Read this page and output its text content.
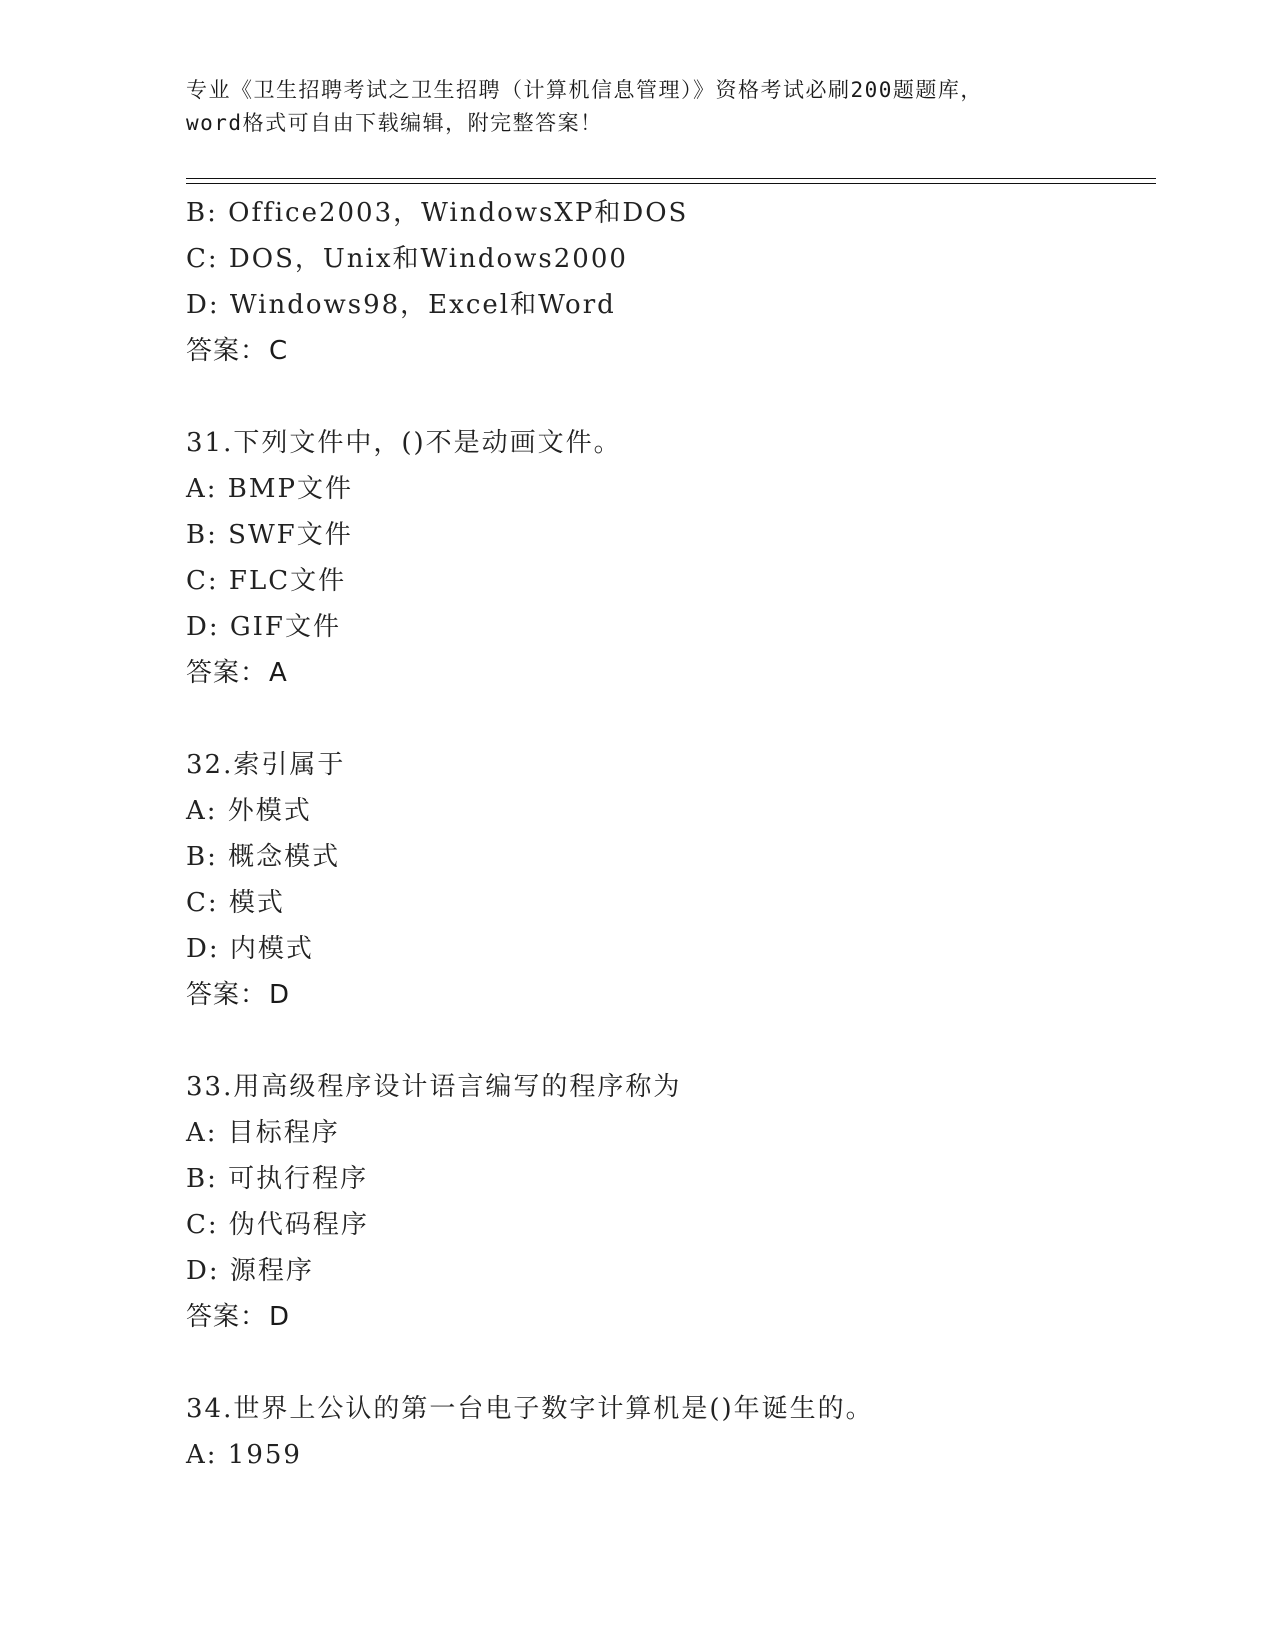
专业《卫生招聘考试之卫生招聘（计算机信息管理）》资格考试必刷200题题库，
word格式可自由下载编辑，附完整答案！
B: Office2003，WindowsXP和DOS
C: DOS，Unix和Windows2000
D: Windows98，Excel和Word
答案：C
31.下列文件中，()不是动画文件。
A: BMP文件
B: SWF文件
C: FLC文件
D: GIF文件
答案：A
32.索引属于
A: 外模式
B: 概念模式
C: 模式
D: 内模式
答案：D
33.用高级程序设计语言编写的程序称为
A: 目标程序
B: 可执行程序
C: 伪代码程序
D: 源程序
答案：D
34.世界上公认的第一台电子数字计算机是()年诞生的。
A: 1959
